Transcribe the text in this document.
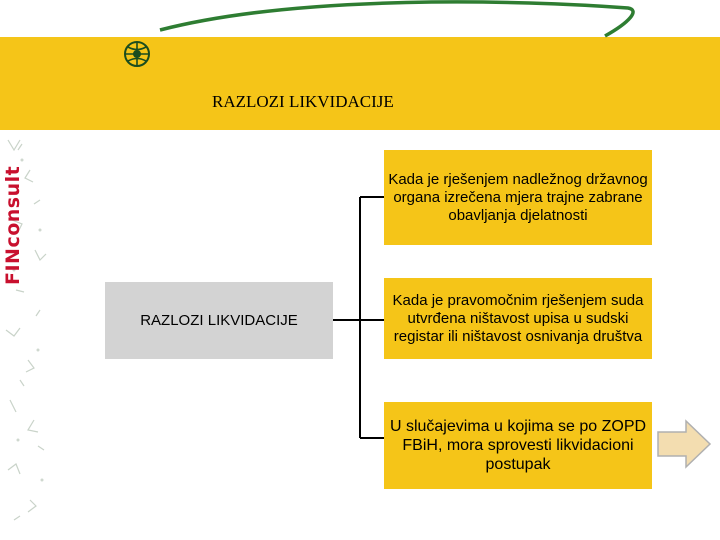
RAZLOZI LIKVIDACIJE
FINconsult
RAZLOZI LIKVIDACIJE
Kada je rješenjem nadležnog državnog organa izrečena mjera trajne zabrane obavljanja djelatnosti
Kada je pravomočnim rješenjem suda utvrđena ništavost upisa u sudski registar ili ništavost osnivanja društva
U slučajevima u kojima se po ZOPD FBiH, mora sprovesti likvidacioni postupak
